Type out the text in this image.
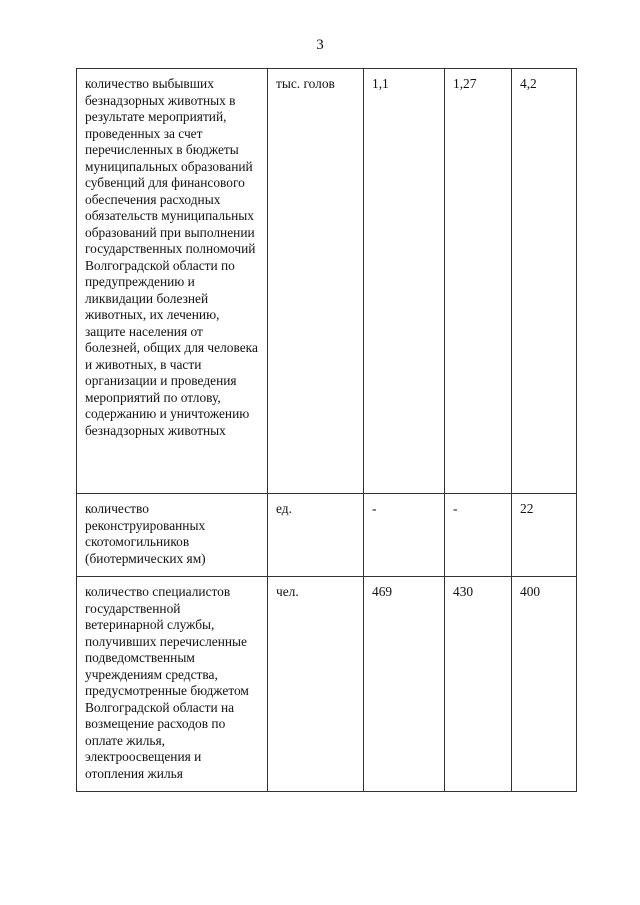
3
количество выбывших безнадзорных животных в результате мероприятий, проведенных за счет перечисленных в бюджеты муниципальных образований субвенций для финансового обеспечения расходных обязательств муниципальных образований при выполнении государственных полномочий Волгоградской области по предупреждению и ликвидации болезней животных, их лечению, защите населения от болезней, общих для человека и животных, в части организации и проведения мероприятий по отлову, содержанию и уничтожению безнадзорных животных	тыс. голов	1,1	1,27	4,2
количество реконструированных скотомогильников (биотермических ям)	ед.	-	-	22
количество специалистов государственной ветеринарной службы, получивших перечисленные подведомственным учреждениям средства, предусмотренные бюджетом Волгоградской области на возмещение расходов по оплате жилья, электроосвещения и отопления жилья	чел.	469	430	400
